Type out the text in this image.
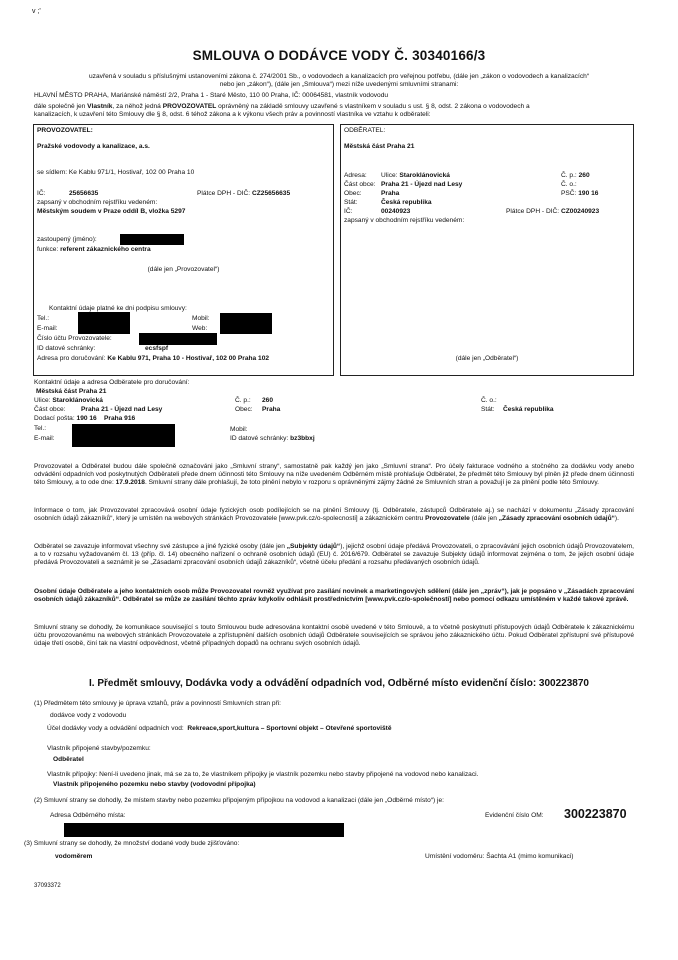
v ;'
SMLOUVA O DODÁVCE VODY Č. 30340166/3
uzavřená v souladu s příslušnými ustanoveními zákona č. 274/2001 Sb., o vodovodech a kanalizacích pro veřejnou potřebu, (dále jen „zákon o vodovodech a kanalizacích“
nebo jen „zákon“), (dále jen „Smlouva“) mezi níže uvedenými smluvními stranami:
HLAVNÍ MĚSTO PRAHA, Mariánské náměstí 2/2, Praha 1 - Staré Město, 110 00 Praha, IČ: 00064581, vlastník vodovodu
dále společně jen Vlastník, za něhož jedná PROVOZOVATEL oprávněný na základě smlouvy uzavřené s vlastníkem v souladu s ust. § 8, odst. 2 zákona o vodovodech a
kanalizacích, k uzavření této Smlouvy dle § 8, odst. 6 téhož zákona a k výkonu všech práv a povinností vlastníka ve vztahu k odběrateli:
PROVOZOVATEL:
Pražské vodovody a kanalizace, a.s.
se sídlem: Ke Kablu 971/1, Hostivař, 102 00 Praha 10
IČ:	25656635	Plátce DPH - DIČ: CZ25656635
zapsaný v obchodním rejstříku vedeném:
Městským soudem v Praze oddíl B, vložka 5297
zastoupený (jméno):
funkce: referent zákaznického centra
(dále jen „Provozovatel“)
Kontaktní údaje platné ke dni podpisu smlouvy:
Tel.:	Mobil:
E-mail:	Web:
Číslo účtu Provozovatele:
ID datové schránky:	ecsfspf
Adresa pro doručování: Ke Kablu 971, Praha 10 - Hostivař, 102 00 Praha 102
ODBĚRATEL:
Městská část Praha 21
Adresa: Ulice: Staroklánovická	Č. p.: 260
Část obce: Praha 21 - Újezd nad Lesy	Č. o.:
Obec:	Praha	PSČ: 190 16
Stát:	Česká republika
IČ:	00240923	Plátce DPH - DIČ: CZ00240923
zapsaný v obchodním rejstříku vedeném:
(dále jen „Odběratel“)
Kontaktní údaje a adresa Odběratele pro doručování:
Městská část Praha 21
Ulice: Staroklánovická	Č. p.: 260	Č. o.:
Část obce: Praha 21 - Újezd nad Lesy	Obec: Praha	Stát: Česká republika
Dodací pošta: 190 16    Praha 916
Tel.:	Mobil:
E-mail:	ID datové schránky: bz3bbxj
Provozovatel a Odběratel budou dále společně označováni jako „Smluvní strany“, samostatně pak každý jen jako „Smluvní strana“. Pro účely fakturace vodného a stočného za dodávku vody anebo odvádění odpadních vod poskytnutých Odběrateli přede dnem účinnosti této Smlouvy na níže uvedeném Odběrném místě prohlašuje Odběratel, že předmět této Smlouvy byl plněn již přede dnem účinnosti této Smlouvy, a to ode dne: 17.9.2018. Smluvní strany dále prohlašují, že toto plnění nebylo v rozporu s oprávněnými zájmy žádné ze Smluvních stran a považují je za plnění podle této Smlouvy.
Informace o tom, jak Provozovatel zpracovává osobní údaje fyzických osob podílejících se na plnění Smlouvy (tj. Odběratele, zástupců Odběratele aj.) se nachází v dokumentu „Zásady zpracování osobních údajů zákazníků“, který je umístěn na webových stránkách Provozovatele [www.pvk.cz/o-spolecnosti] a zákaznickém centru Provozovatele (dále jen „Zásady zpracování osobních údajů“).
Odběratel se zavazuje informovat všechny své zástupce a jiné fyzické osoby (dále jen „Subjekty údajů“), jejichž osobní údaje předává Provozovateli, o zpracovávání jejich osobních údajů Provozovatelem, a to v rozsahu vyžadovaném čl. 13 (příp. čl. 14) obecného nařízení o ochraně osobních údajů (EU) č. 2016/679. Odběratel se zavazuje Subjekty údajů informovat zejména o tom, že jejich osobní údaje předává Provozovateli a seznámit je se „Zásadami zpracování osobních údajů zákazníků“, včetně účelu předání a rozsahu předávaných osobních údajů.
Osobní údaje Odběratele a jeho kontaktních osob může Provozovatel rovněž využívat pro zasílání novinek a marketingových sdělení (dále jen „zpráv“), jak je popsáno v „Zásadách zpracování osobních údajů zákazníků“. Odběratel se může ze zasílání těchto zpráv kdykoliv odhlásit prostřednictvím [www.pvk.cz/o-společnosti] nebo pomocí odkazu umístěném v každé takové zprávě.
Smluvní strany se dohodly, že komunikace související s touto Smlouvou bude adresována kontaktní osobě uvedené v této Smlouvě, a to včetně poskytnutí přístupových údajů Odběratele k zákaznickému účtu provozovanému na webových stránkách Provozovatele a zpřístupnění dalších osobních údajů Odběratele souvisejících se správou jeho zákaznického účtu. Pokud Odběratel zpřístupní své přístupové údaje třetí osobě, činí tak na vlastní odpovědnost, včetně případných dopadů na ochranu svých osobních údajů.
I. Předmět smlouvy, Dodávka vody a odvádění odpadních vod, Odběrné místo evidenční číslo: 300223870
(1) Předmětem této smlouvy je úprava vztahů, práv a povinností Smluvních stran při:
dodávce vody z vodovodu
Účel dodávky vody a odvádění odpadních vod: Rekreace,sport,kultura – Sportovní objekt – Otevřené sportoviště
Vlastník připojené stavby/pozemku:
Odběratel
Vlastník přípojky: Není-li uvedeno jinak, má se za to, že vlastníkem přípojky je vlastník pozemku nebo stavby připojené na vodovod nebo kanalizaci.
Vlastník připojeného pozemku nebo stavby (vodovodní přípojka)
(2) Smluvní strany se dohodly, že místem stavby nebo pozemku připojeným přípojkou na vodovod a kanalizaci (dále jen „Odběrné místo“) je:
Adresa Odběrného místa:	Evidenční číslo OM: 300223870
(3) Smluvní strany se dohodly, že množství dodané vody bude zjišťováno:
vodoměrem	Umístění vodoměru: Šachta A1 (mimo komunikaci)
37093372
